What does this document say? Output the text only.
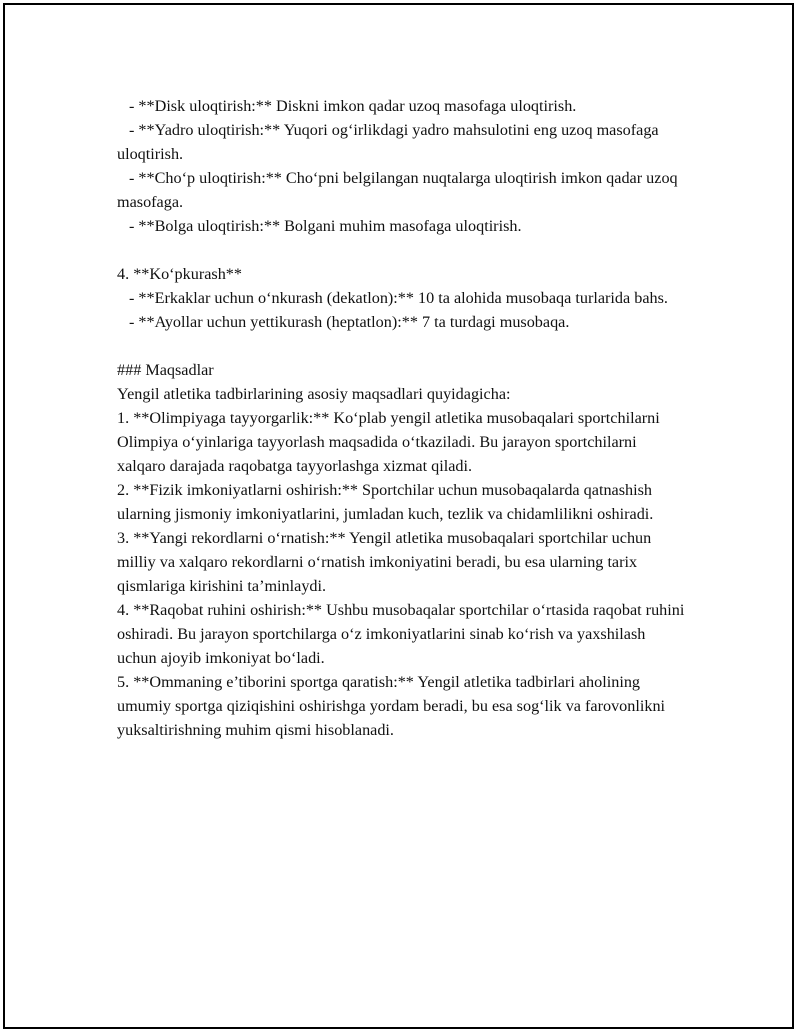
- **Disk uloqtirish:** Diskni imkon qadar uzoq masofaga uloqtirish.

- **Yadro uloqtirish:** Yuqori og‘irlikdagi yadro mahsulotini eng uzoq masofaga uloqtirish.

- **Cho‘p uloqtirish:** Cho‘pni belgilangan nuqtalarga uloqtirish imkon qadar uzoq masofaga.

- **Bolga uloqtirish:** Bolgani muhim masofaga uloqtirish.

4. **Ko‘pkurash**

- **Erkaklar uchun o‘nkurash (dekatlon):** 10 ta alohida musobaqa turlarida bahs.

- **Ayollar uchun yettikurash (heptatlon):** 7 ta turdagi musobaqa.

### Maqsadlar

Yengil atletika tadbirlarining asosiy maqsadlari quyidagicha:

1. **Olimpiyaga tayyorgarlik:** Ko‘plab yengil atletika musobaqalari sportchilarni Olimpiya o‘yinlariga tayyorlash maqsadida o‘tkaziladi. Bu jarayon sportchilarni xalqaro darajada raqobatga tayyorlashga xizmat qiladi.

2. **Fizik imkoniyatlarni oshirish:** Sportchilar uchun musobaqalarda qatnashish ularning jismoniy imkoniyatlarini, jumladan kuch, tezlik va chidamlilikni oshiradi.

3. **Yangi rekordlarni o‘rnatish:** Yengil atletika musobaqalari sportchilar uchun milliy va xalqaro rekordlarni o‘rnatish imkoniyatini beradi, bu esa ularning tarix qismlariga kirishini ta’minlaydi.

4. **Raqobat ruhini oshirish:** Ushbu musobaqalar sportchilar o‘rtasida raqobat ruhini oshiradi. Bu jarayon sportchilarga o‘z imkoniyatlarini sinab ko‘rish va yaxshilash uchun ajoyib imkoniyat bo‘ladi.

5. **Ommaning e’tiborini sportga qaratish:** Yengil atletika tadbirlari aholining umumiy sportga qiziqishini oshirishga yordam beradi, bu esa sog‘lik va farovonlikni yuksaltirishning muhim qismi hisoblanadi.
